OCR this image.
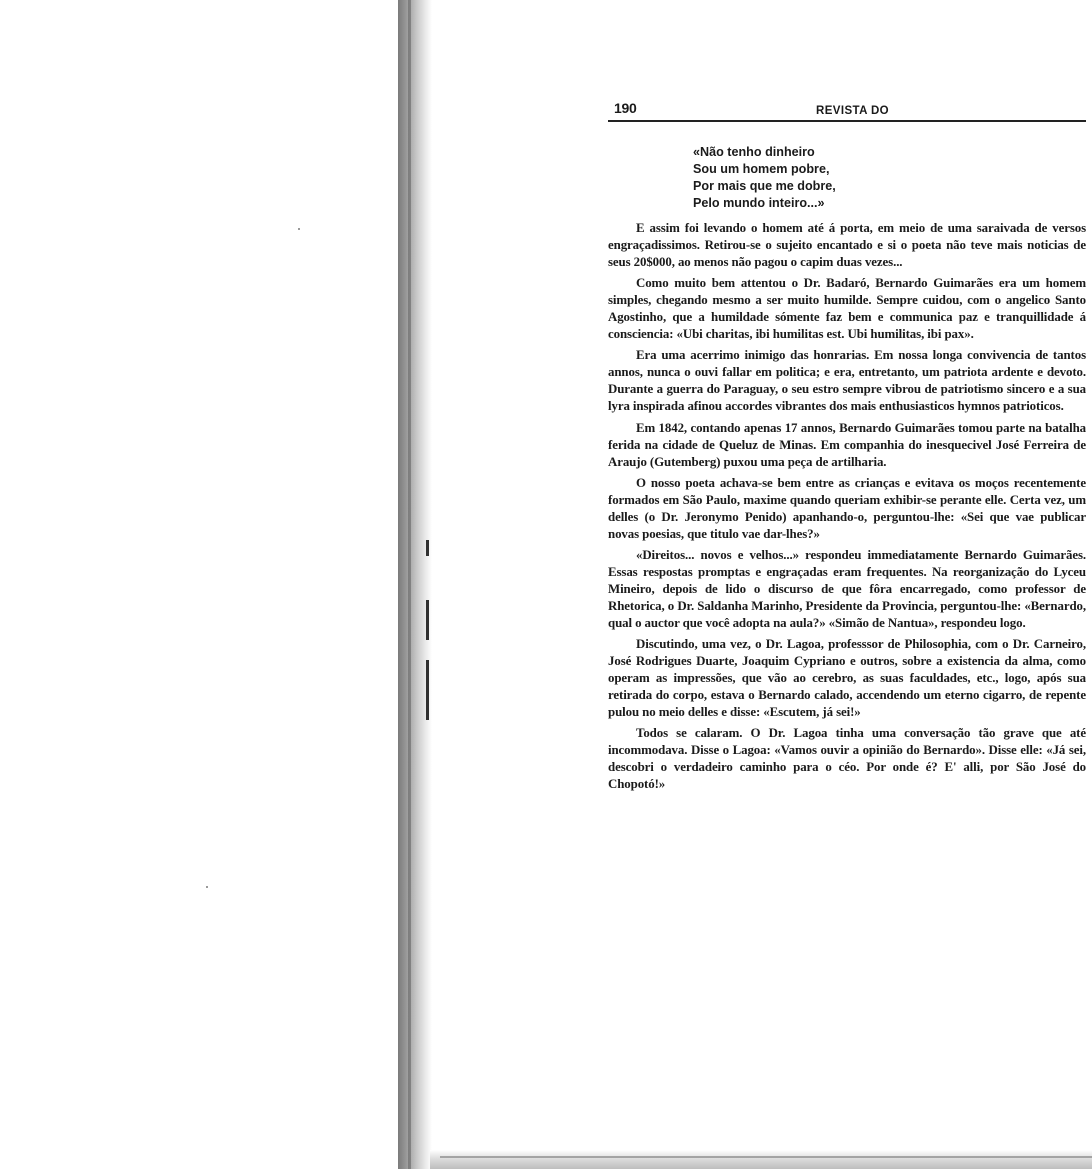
190	REVISTA DO
«Não tenho dinheiro
Sou um homem pobre,
Por mais que me dobre,
Pelo mundo inteiro...»

E assim foi levando o homem até á porta, em meio de uma saraivada de versos engraçadissimos. Retirou-se o sujeito encantado e si o poeta não teve mais noticias de seus 20$000, ao menos não pagou o capim duas vezes...

Como muito bem attentou o Dr. Badaró, Bernardo Guimarães era um homem simples, chegando mesmo a ser muito humilde. Sempre cuidou, com o angelico Santo Agostinho, que a humildade sómente faz bem e communica paz e tranquillidade á consciencia: «Ubi charitas, ibi humilitas est. Ubi humilitas, ibi pax».

Era uma acerrimo inimigo das honrarias. Em nossa longa convivencia de tantos annos, nunca o ouvi fallar em politica; e era, entretanto, um patriota ardente e devoto. Durante a guerra do Paraguay, o seu estro sempre vibrou de patriotismo sincero e a sua lyra inspirada afinou accordes vibrantes dos mais enthusiasticos hymnos patrioticos.

Em 1842, contando apenas 17 annos, Bernardo Guimarães tomou parte na batalha ferida na cidade de Queluz de Minas. Em companhia do inesquecivel José Ferreira de Araujo (Gutemberg) puxou uma peça de artilharia.

O nosso poeta achava-se bem entre as crianças e evitava os moços recentemente formados em São Paulo, maxime quando queriam exhibir-se perante elle. Certa vez, um delles (o Dr. Jeronymo Penido) apanhando-o, perguntou-lhe: «Sei que vae publicar novas poesias, que titulo vae dar-lhes?»

«Direitos... novos e velhos...» respondeu immediatamente Bernardo Guimarães. Essas respostas promptas e engraçadas eram frequentes. Na reorganização do Lyceu Mineiro, depois de lido o discurso de que fôra encarregado, como professor de Rhetorica, o Dr. Saldanha Marinho, Presidente da Provincia, perguntou-lhe: «Bernardo, qual o auctor que você adopta na aula?» «Simão de Nantua», respondeu logo.

Discutindo, uma vez, o Dr. Lagoa, professsor de Philosophia, com o Dr. Carneiro, José Rodrigues Duarte, Joaquim Cypriano e outros, sobre a existencia da alma, como operam as impressões, que vão ao cerebro, as suas faculdades, etc., logo, após sua retirada do corpo, estava o Bernardo calado, accendendo um eterno cigarro, de repente pulou no meio delles e disse: «Escutem, já sei!»

Todos se calaram. O Dr. Lagoa tinha uma conversação tão grave que até incommodava. Disse o Lagoa: «Vamos ouvir a opinião do Bernardo». Disse elle: «Já sei, descobri o verdadeiro caminho para o céo. Por onde é? E' alli, por São José do Chopotó!»
